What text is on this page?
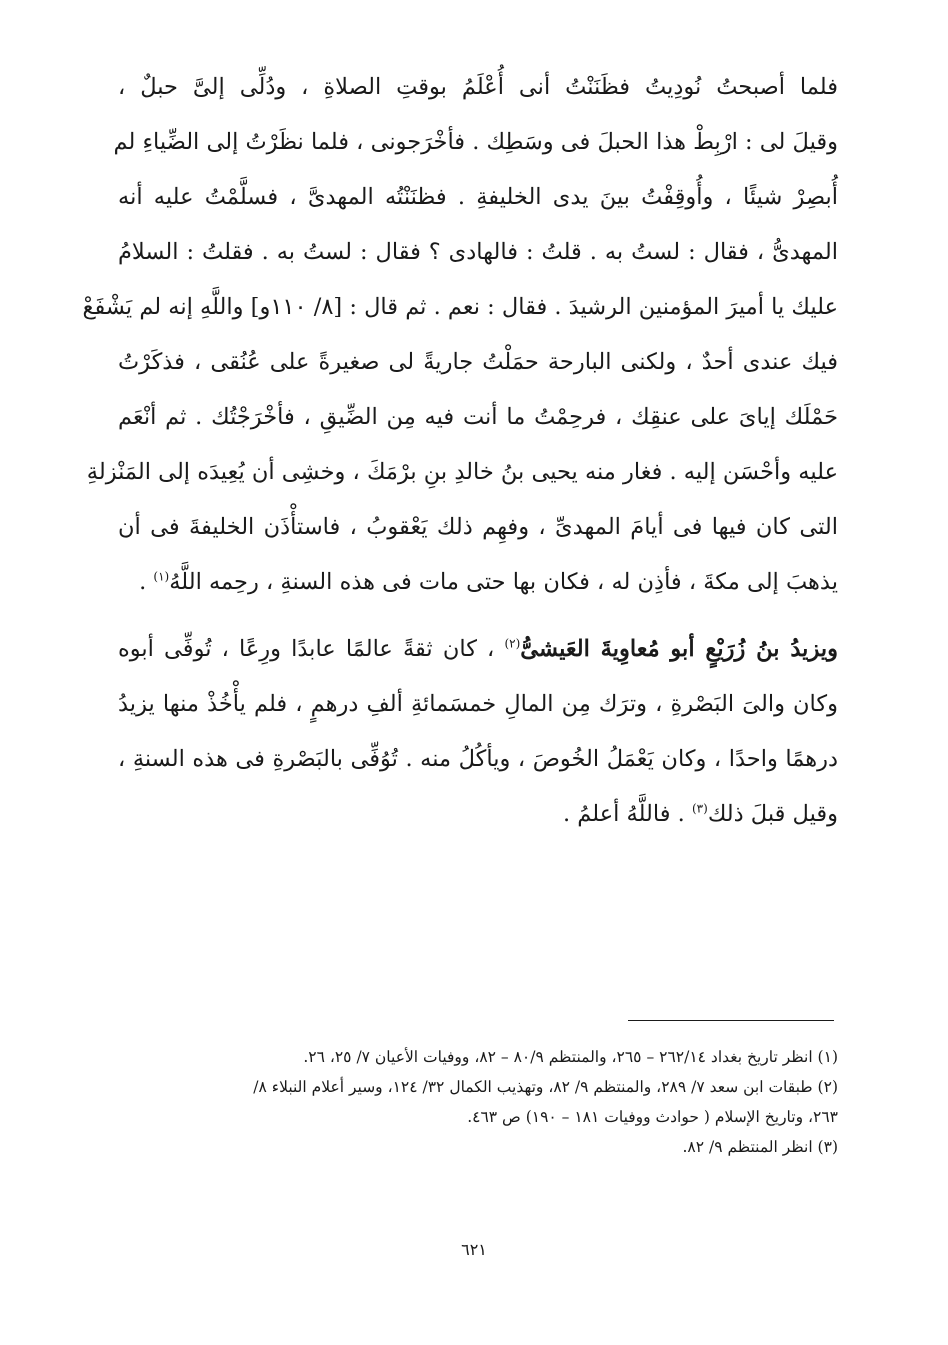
فلما أصبحتُ نُودِيتُ فظَنَنْتُ أنى أُعْلَمُ بوقتِ الصلاةِ ، ودُلِّى إلىَّ حبلٌ ،
وقيلَ لى : ارْبِطْ هذا الحبلَ فى وسَطِك . فأخْرَجونى ، فلما نظَرْتُ إلى الضِّياءِ لم
أُبصِرْ شيئًا ، وأُوقِفْتُ بينَ يدى الخليفةِ . فظنَنْتُه المهدىَّ ، فسلَّمْتُ عليه أنه
المهدىُّ ، فقال : لستُ به . قلتُ : فالهادى ؟ فقال : لستُ به . فقلتُ : السلامُ
عليك يا أميرَ المؤمنين الرشيدَ . فقال : نعم . ثم قال : [٨/ ١١٠و] واللَّهِ إنه لم يَشْفَعْ
فيك عندى أحدٌ ، ولكنى البارحة حمَلْتُ جاريةً لى صغيرةً على عُنُقى ، فذكَرْتُ
حَمْلَك إياىَ على عنقِك ، فرحِمْتُ ما أنت فيه مِن الضِّيقِ ، فأخْرَجْتُك . ثم أنْعَم
عليه وأحْسَن إليه . فغار منه يحيى بنُ خالدِ بنِ برْمَكَ ، وخشِى أن يُعِيدَه إلى المَنْزلةِ
التى كان فيها فى أيامَ المهدىِّ ، وفهِم ذلك يَعْقوبُ ، فاستأْذَن الخليفةَ فى أن
يذهبَ إلى مكةَ ، فأذِن له ، فكان بها حتى مات فى هذه السنةِ ، رحِمه اللَّهُ$^{(١)}$ .
ويزيدُ بنُ زُرَيْعٍ أبو مُعاوِيةَ العَيشىُّ$^{(٢)}$ ، كان ثقةً عالمًا عابدًا ورِعًا ، تُوفِّى أبوه
وكان والىَ البَصْرةِ ، وترَك مِن المالِ خمسَمائةِ ألفِ درهمٍ ، فلم يأْخُذْ منها يزيدُ
درهمًا واحدًا ، وكان يَعْمَلُ الخُوصَ ، ويأكُلُ منه . تُوُفِّى بالبَصْرةِ فى هذه السنةِ ،
وقيل قبلَ ذلك$^{(٣)}$ . فاللَّهُ أعلمُ .
(١) انظر تاريخ بغداد ٢٦٢/١٤ – ٢٦٥، والمنتظم ٨٠/٩ – ٨٢، ووفيات الأعيان ٧/ ٢٥، ٢٦.
(٢) طبقات ابن سعد ٧/ ٢٨٩، والمنتظم ٩/ ٨٢، وتهذيب الكمال ٣٢/ ١٢٤، وسير أعلام النبلاء ٨/
٢٦٣، وتاريخ الإسلام ( حوادث ووفيات ١٨١ – ١٩٠) ص ٤٦٣.
(٣) انظر المنتظم ٩/ ٨٢.
٦٢١
